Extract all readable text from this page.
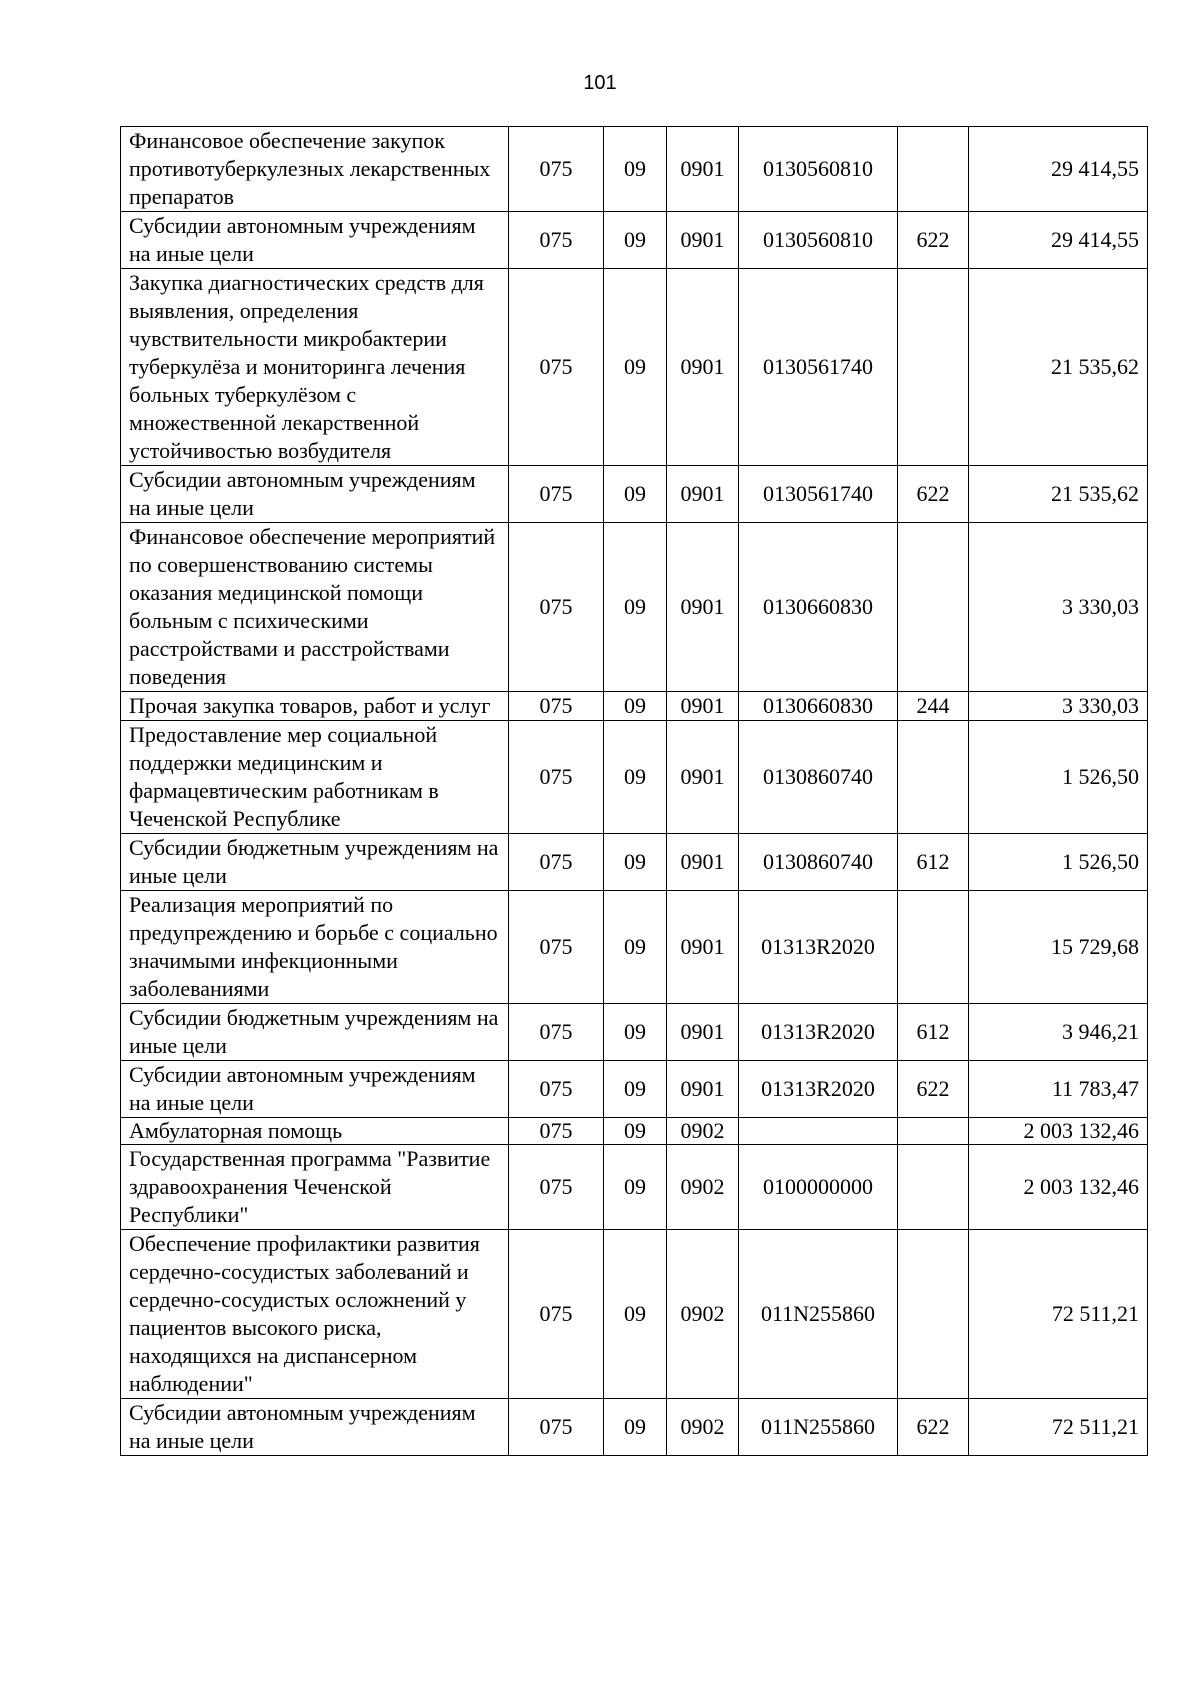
101
Финансовое обеспечение закупок противотуберкулезных лекарственных препаратов	075	09	0901	0130560810		29 414,55
Субсидии автономным учреждениям на иные цели	075	09	0901	0130560810	622	29 414,55
Закупка диагностических средств для выявления, определения чувствительности микробактерии туберкулёза и мониторинга лечения больных туберкулёзом с множественной лекарственной устойчивостью возбудителя	075	09	0901	0130561740		21 535,62
Субсидии автономным учреждениям на иные цели	075	09	0901	0130561740	622	21 535,62
Финансовое обеспечение мероприятий по совершенствованию системы оказания медицинской помощи больным с психическими расстройствами и расстройствами поведения	075	09	0901	0130660830		3 330,03
Прочая закупка товаров, работ и услуг	075	09	0901	0130660830	244	3 330,03
Предоставление мер социальной поддержки медицинским и фармацевтическим работникам в Чеченской Республике	075	09	0901	0130860740		1 526,50
Субсидии бюджетным учреждениям на иные цели	075	09	0901	0130860740	612	1 526,50
Реализация мероприятий по предупреждению и борьбе с социально значимыми инфекционными заболеваниями	075	09	0901	01313R2020		15 729,68
Субсидии бюджетным учреждениям на иные цели	075	09	0901	01313R2020	612	3 946,21
Субсидии автономным учреждениям на иные цели	075	09	0901	01313R2020	622	11 783,47
Амбулаторная помощь	075	09	0902			2 003 132,46
Государственная программа "Развитие здравоохранения Чеченской Республики"	075	09	0902	0100000000		2 003 132,46
Обеспечение профилактики развития сердечно-сосудистых заболеваний и сердечно-сосудистых осложнений у пациентов высокого риска, находящихся на диспансерном наблюдении"	075	09	0902	011N255860		72 511,21
Субсидии автономным учреждениям на иные цели	075	09	0902	011N255860	622	72 511,21
